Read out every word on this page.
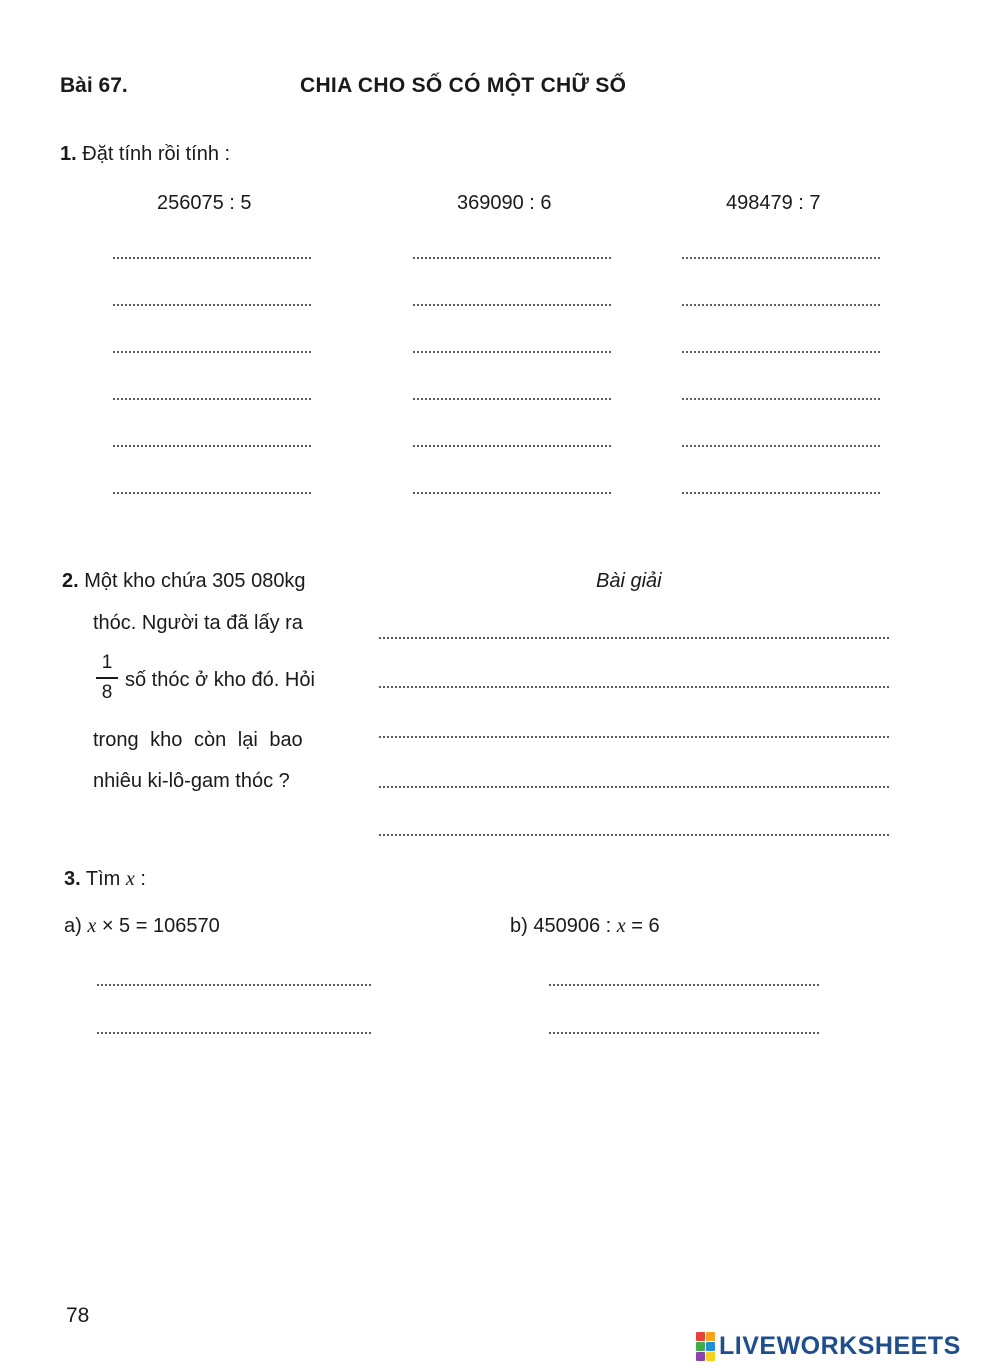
Bài 67.	CHIA CHO SỐ CÓ MỘT CHỮ SỐ
1. Đặt tính rồi tính :
256075 : 5	369090 : 6	498479 : 7
2. Một kho chứa 305 080kg
thóc. Người ta đã lấy ra
1
8
số thóc ở kho đó. Hỏi
trong kho còn lại bao
nhiêu ki-lô-gam thóc ?
Bài giải
3. Tìm x :
a) x × 5 = 106570	b) 450906 : x = 6
78
LIVEWORKSHEETS
